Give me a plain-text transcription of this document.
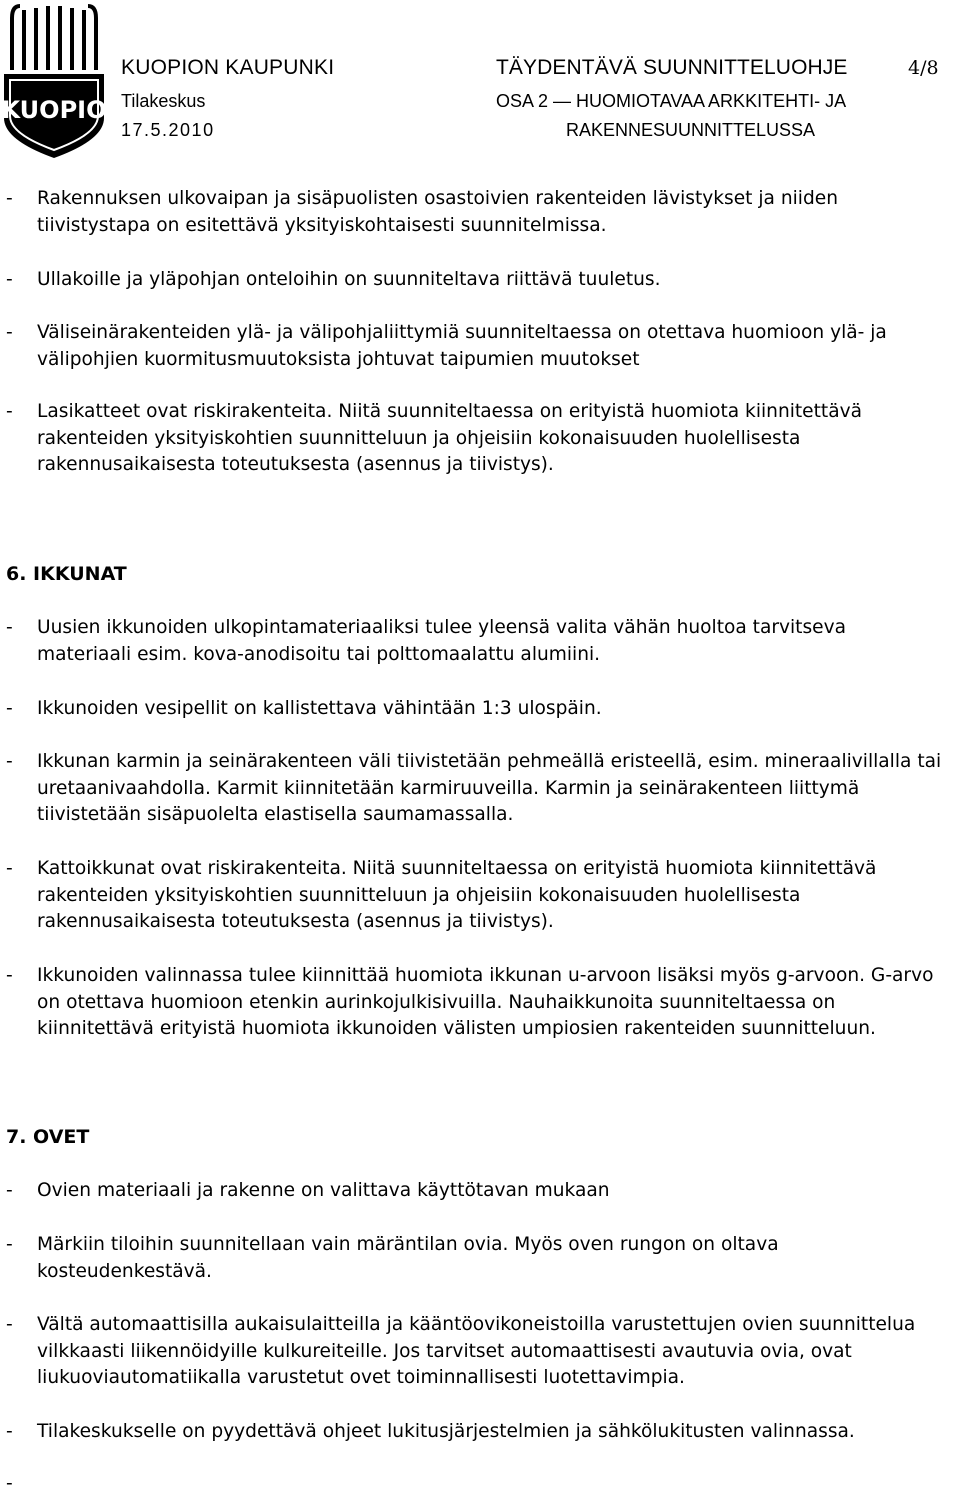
KUOPIO
KUOPION KAUPUNKI
Tilakeskus
17.5.2010
TÄYDENTÄVÄ SUUNNITTELUOHJE
OSA 2 — HUOMIOTAVAA ARKKITEHTI- JA
RAKENNESUUNNITTELUSSA
4/8
-	Rakennuksen ulkovaipan ja sisäpuolisten osastoivien rakenteiden lävistykset ja niiden tiivistystapa on esitettävä yksityiskohtaisesti suunnitelmissa.
-	Ullakoille ja yläpohjan onteloihin on suunniteltava riittävä tuuletus.
-	Väliseinärakenteiden ylä- ja välipohjaliittymiä suunniteltaessa on otettava huomioon ylä- ja välipohjien kuormitusmuutoksista johtuvat taipumien muutokset
-	Lasikatteet ovat riskirakenteita. Niitä suunniteltaessa on erityistä huomiota kiinnitettävä rakenteiden yksityiskohtien suunnitteluun ja ohjeisiin kokonaisuuden huolellisesta rakennusaikaisesta toteutuksesta (asennus ja tiivistys).
6. IKKUNAT
-	Uusien ikkunoiden ulkopintamateriaaliksi tulee yleensä valita vähän huoltoa tarvitseva materiaali esim. kova-anodisoitu tai polttomaalattu alumiini.
-	Ikkunoiden vesipellit on kallistettava vähintään 1:3 ulospäin.
-	Ikkunan karmin ja seinärakenteen väli tiivistetään pehmeällä eristeellä, esim. mineraalivillalla tai uretaanivaahdolla. Karmit kiinnitetään karmiruuveilla. Karmin ja seinärakenteen liittymä tiivistetään sisäpuolelta elastisella saumamassalla.
-	Kattoikkunat ovat riskirakenteita. Niitä suunniteltaessa on erityistä huomiota kiinnitettävä rakenteiden yksityiskohtien suunnitteluun ja ohjeisiin kokonaisuuden huolellisesta rakennusaikaisesta toteutuksesta (asennus ja tiivistys).
-	Ikkunoiden valinnassa tulee kiinnittää huomiota ikkunan u-arvoon lisäksi myös g-arvoon. G-arvo on otettava huomioon etenkin aurinkojulkisivuilla. Nauhaikkunoita suunniteltaessa on kiinnitettävä erityistä huomiota ikkunoiden välisten umpiosien rakenteiden suunnitteluun.
7. OVET
-	Ovien materiaali ja rakenne on valittava käyttötavan mukaan
-	Märkiin tiloihin suunnitellaan vain märäntilan ovia. Myös oven rungon on oltava kosteudenkestävä.
-	Vältä automaattisilla aukaisulaitteilla ja kääntöovikoneistoilla varustettujen ovien suunnittelua vilkkaasti liikennöidyille kulkureiteille. Jos tarvitset automaattisesti avautuvia ovia, ovat liukuoviautomatiikalla varustetut ovet toiminnallisesti luotettavimpia.
-	Tilakeskukselle on pyydettävä ohjeet lukitusjärjestelmien ja sähkölukitusten valinnassa.
-
